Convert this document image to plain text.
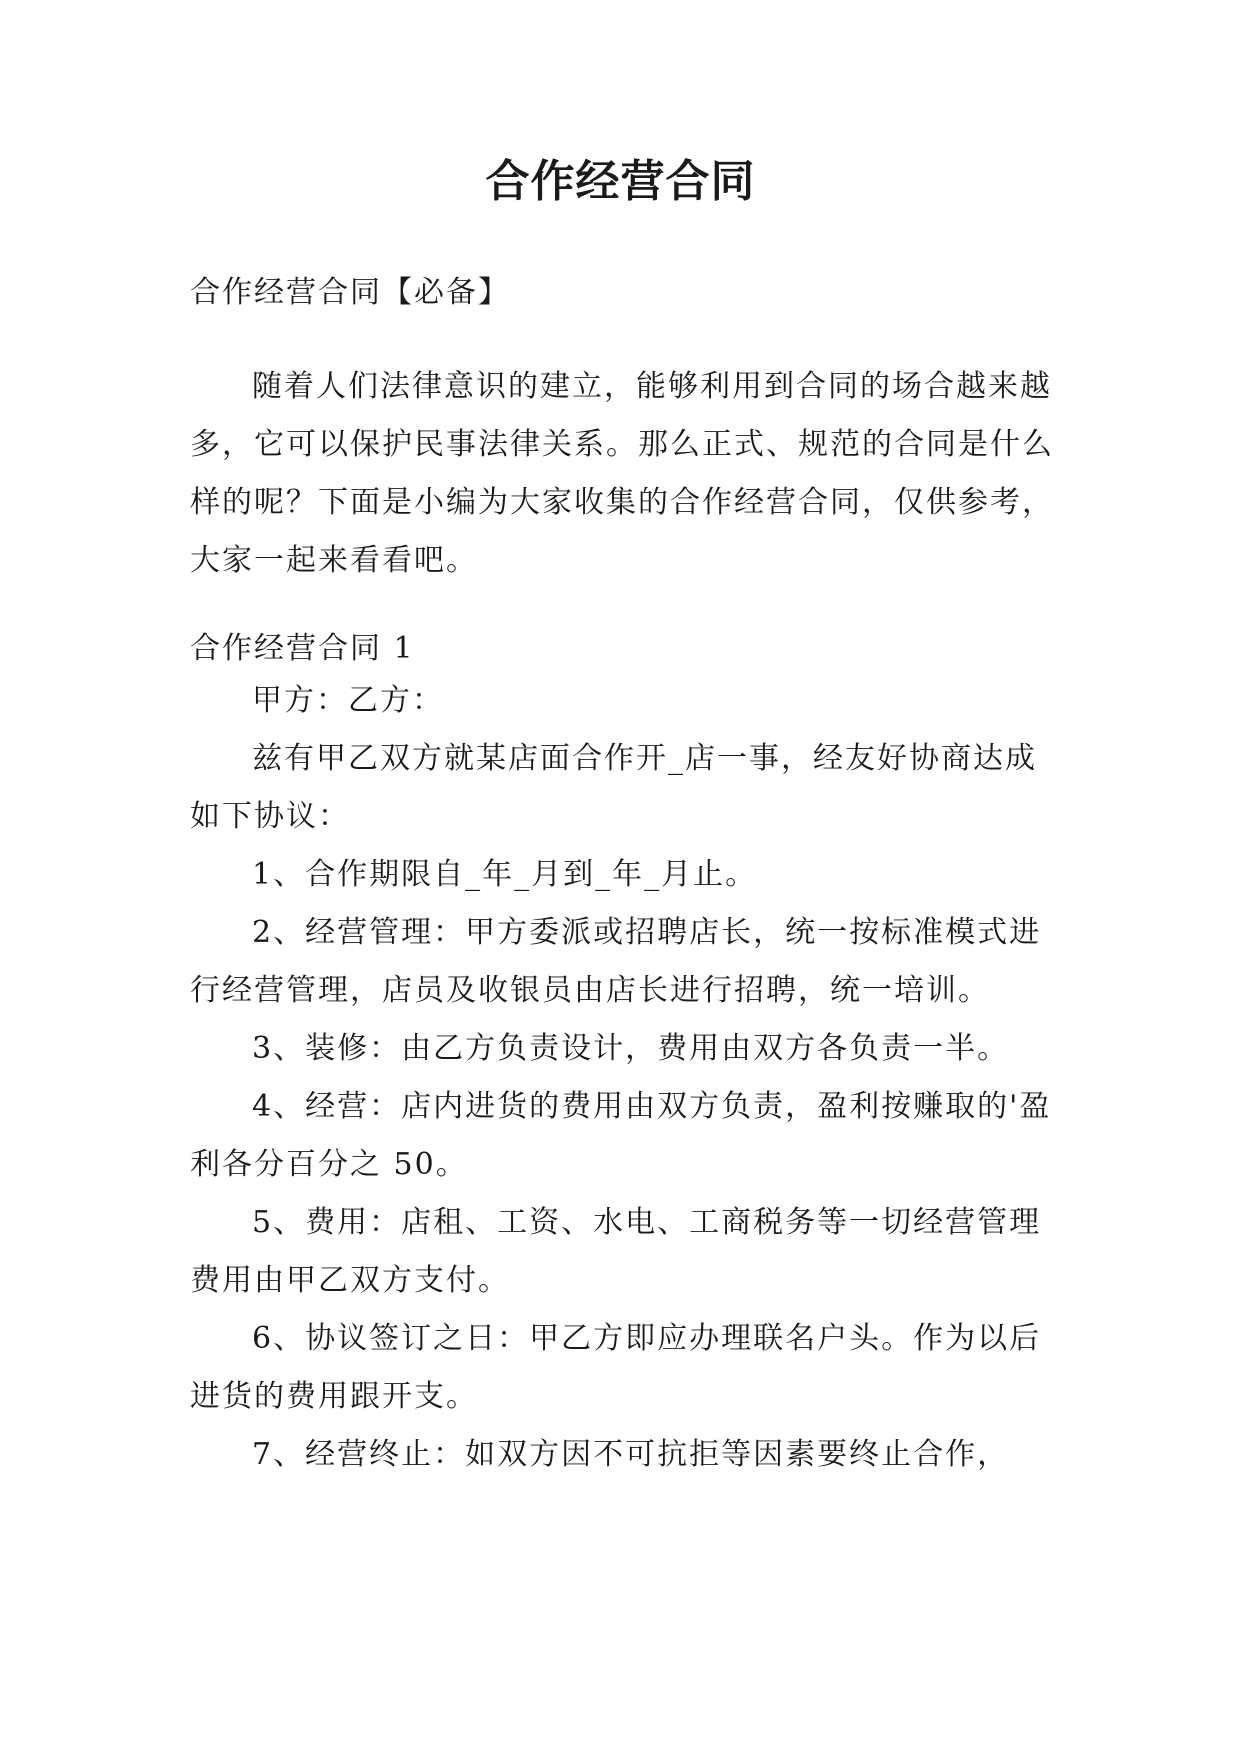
合作经营合同

合作经营合同【必备】

随着人们法律意识的建立，能够利用到合同的场合越来越多，它可以保护民事法律关系。那么正式、规范的合同是什么样的呢？下面是小编为大家收集的合作经营合同，仅供参考，大家一起来看看吧。

合作经营合同 1

甲方：乙方：

兹有甲乙双方就某店面合作开_店一事，经友好协商达成如下协议：

1、合作期限自_年_月到_年_月止。

2、经营管理：甲方委派或招聘店长，统一按标准模式进行经营管理，店员及收银员由店长进行招聘，统一培训。

3、装修：由乙方负责设计，费用由双方各负责一半。

4、经营：店内进货的费用由双方负责，盈利按赚取的'盈利各分百分之 50。

5、费用：店租、工资、水电、工商税务等一切经营管理费用由甲乙双方支付。

6、协议签订之日：甲乙方即应办理联名户头。作为以后进货的费用跟开支。

7、经营终止：如双方因不可抗拒等因素要终止合作，
